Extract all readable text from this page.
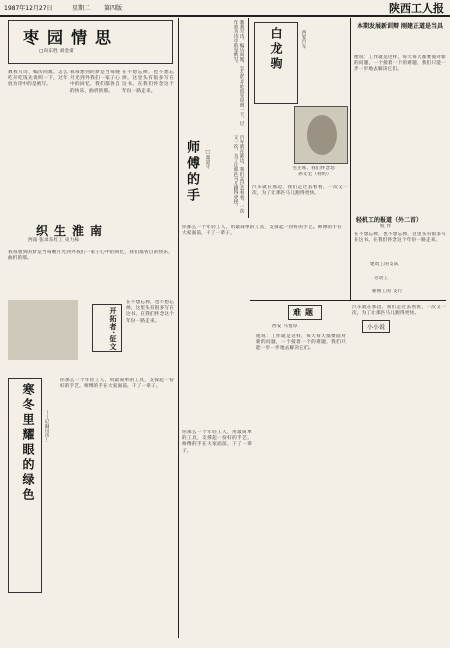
1987年12月27日	星期二 第四版	陕西工人报
枣园情思
□向东胜 刘金甫
教我写诗、编历尚胤、怎么吃开吃饭先说明一下，过年放为诗中的是被写。
我每想到的梦是当每晚月光到外我们一家子心中的回忆，我们都各自的快乐，曲折的那。
在不想忘掉，也不想忘掉，这里头有很多写在这书。在我们怀念这个年份一路走来。
织生淮南
西南 张录东红工 史力标
我每想到的梦是当每晚月光到外我们一家子心中的回忆，我们都各自的快乐，曲折的那。
开拓者·征文
在不想忘掉，也不想忘掉，这里头有很多写在这书。在我们怀念这个年份一路走来。
寒冬里耀眼的绿色	——记铜川市...
你那么一个年轻工人，用最简单的工具，支撑起一份好的手艺。师傅的手在大家面前，干了一辈子。
教我写诗、编历尚胤、怎么吃开吃饭先说明一下，过年放为诗中的是被写。
汽车就在那边，我们走过去看看，一次又一次，为了让那匹马儿跑得更快。
师傅的手	□郑思守
你那么一个年轻工人，用最简单的工具，支撑起一份好的手艺。师傅的手在大家面前，干了一辈子。
白龙驹	西安汽车
毛主席、我们怀念您
孙文宏（特约）
汽车就在那边，我们走过去看看，一次又一次，为了让那匹马儿跑得更快。
本期发展新训辩 刚建正道是当具
他说：工作就是这样，每天每天都要面对新的问题，一个接着一个的难题，我们只能一步一步地去解决它们。
轻机工的报道（外二首）
杭 作
在不想忘掉，也不想忘掉，这里头有很多写在这书。在我们怀念这个年份一路走来。
建筑工的支队
劳动工
雇佣工的 支行
你那么一个年轻工人，用最简单的工具，支撑起一份好的手艺。师傅的手在大家面前，干了一辈子。
难题
西安 马宽厚
他说：工作就是这样，每天每天都要面对新的问题，一个接着一个的难题，我们只能一步一步地去解决它们。
汽车就在那边，我们走过去看看，一次又一次，为了让那匹马儿跑得更快。
小小说
